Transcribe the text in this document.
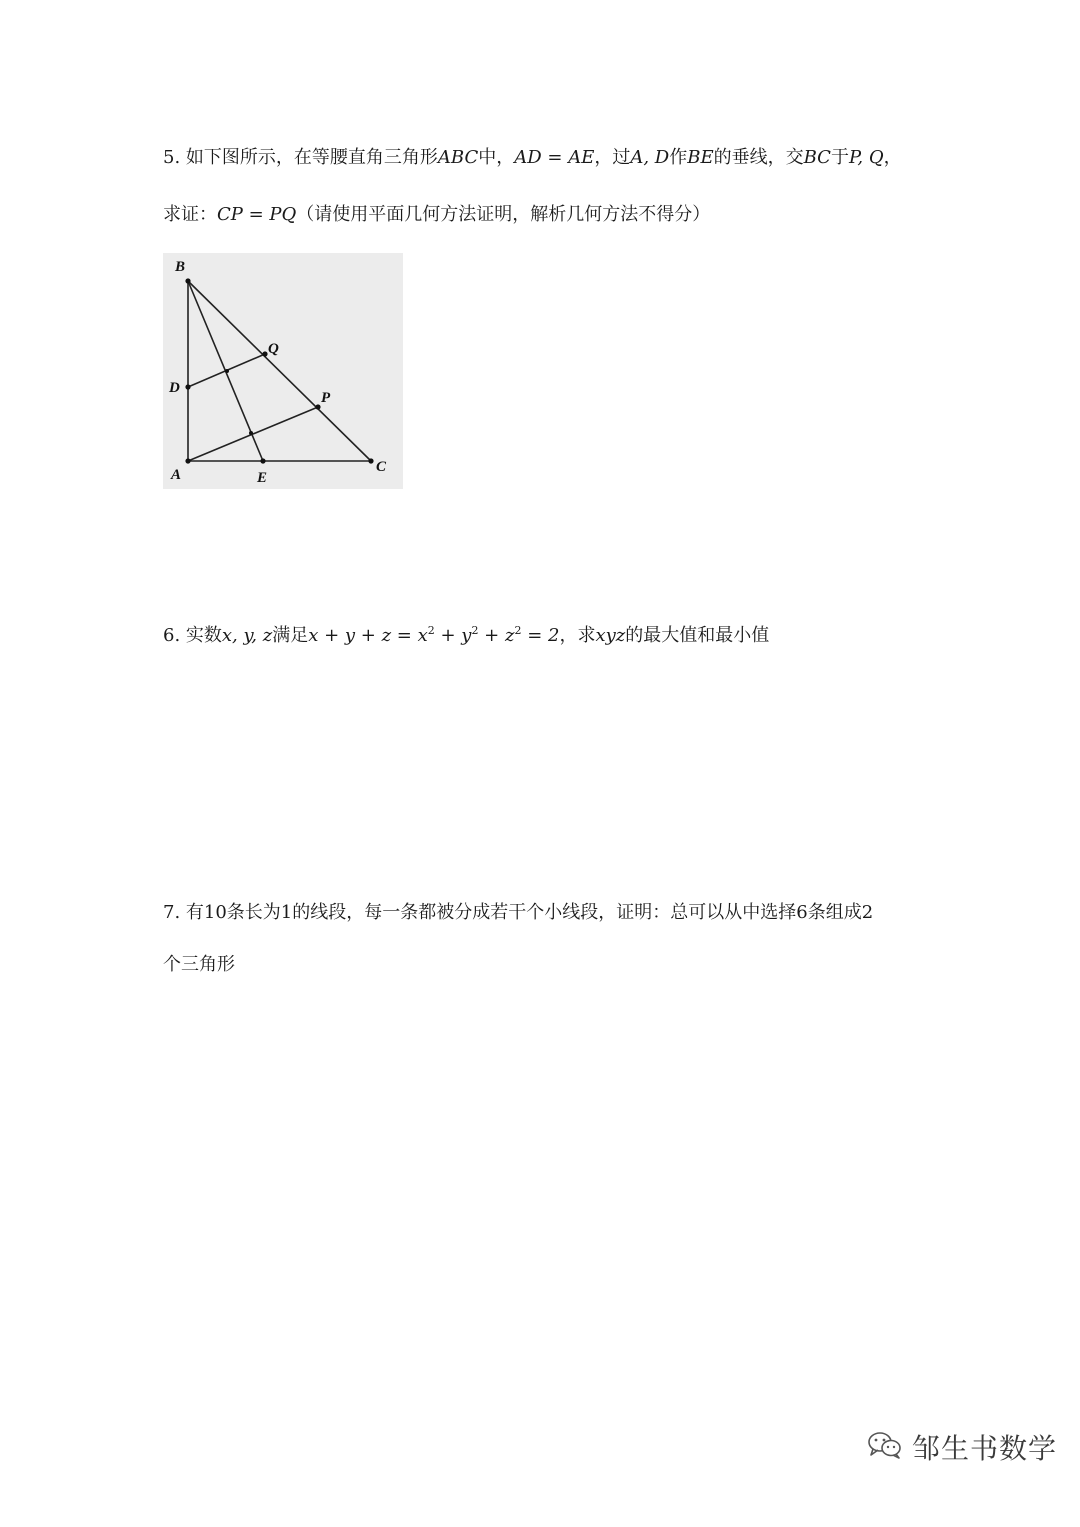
5. 如下图所示，在等腰直角三角形ABC中，AD = AE，过A, D作BE的垂线，交BC于P, Q，
求证：CP = PQ（请使用平面几何方法证明，解析几何方法不得分）
B
Q
D
P
A	E
C
6. 实数x, y, z满足$x + y + z = x^2 + y^2 + z^2 = 2$，求xyz的最大值和最小值
7. 有10条长为1的线段，每一条都被分成若干个小线段，证明：总可以从中选择6条组成2
个三角形
邹生书数学
